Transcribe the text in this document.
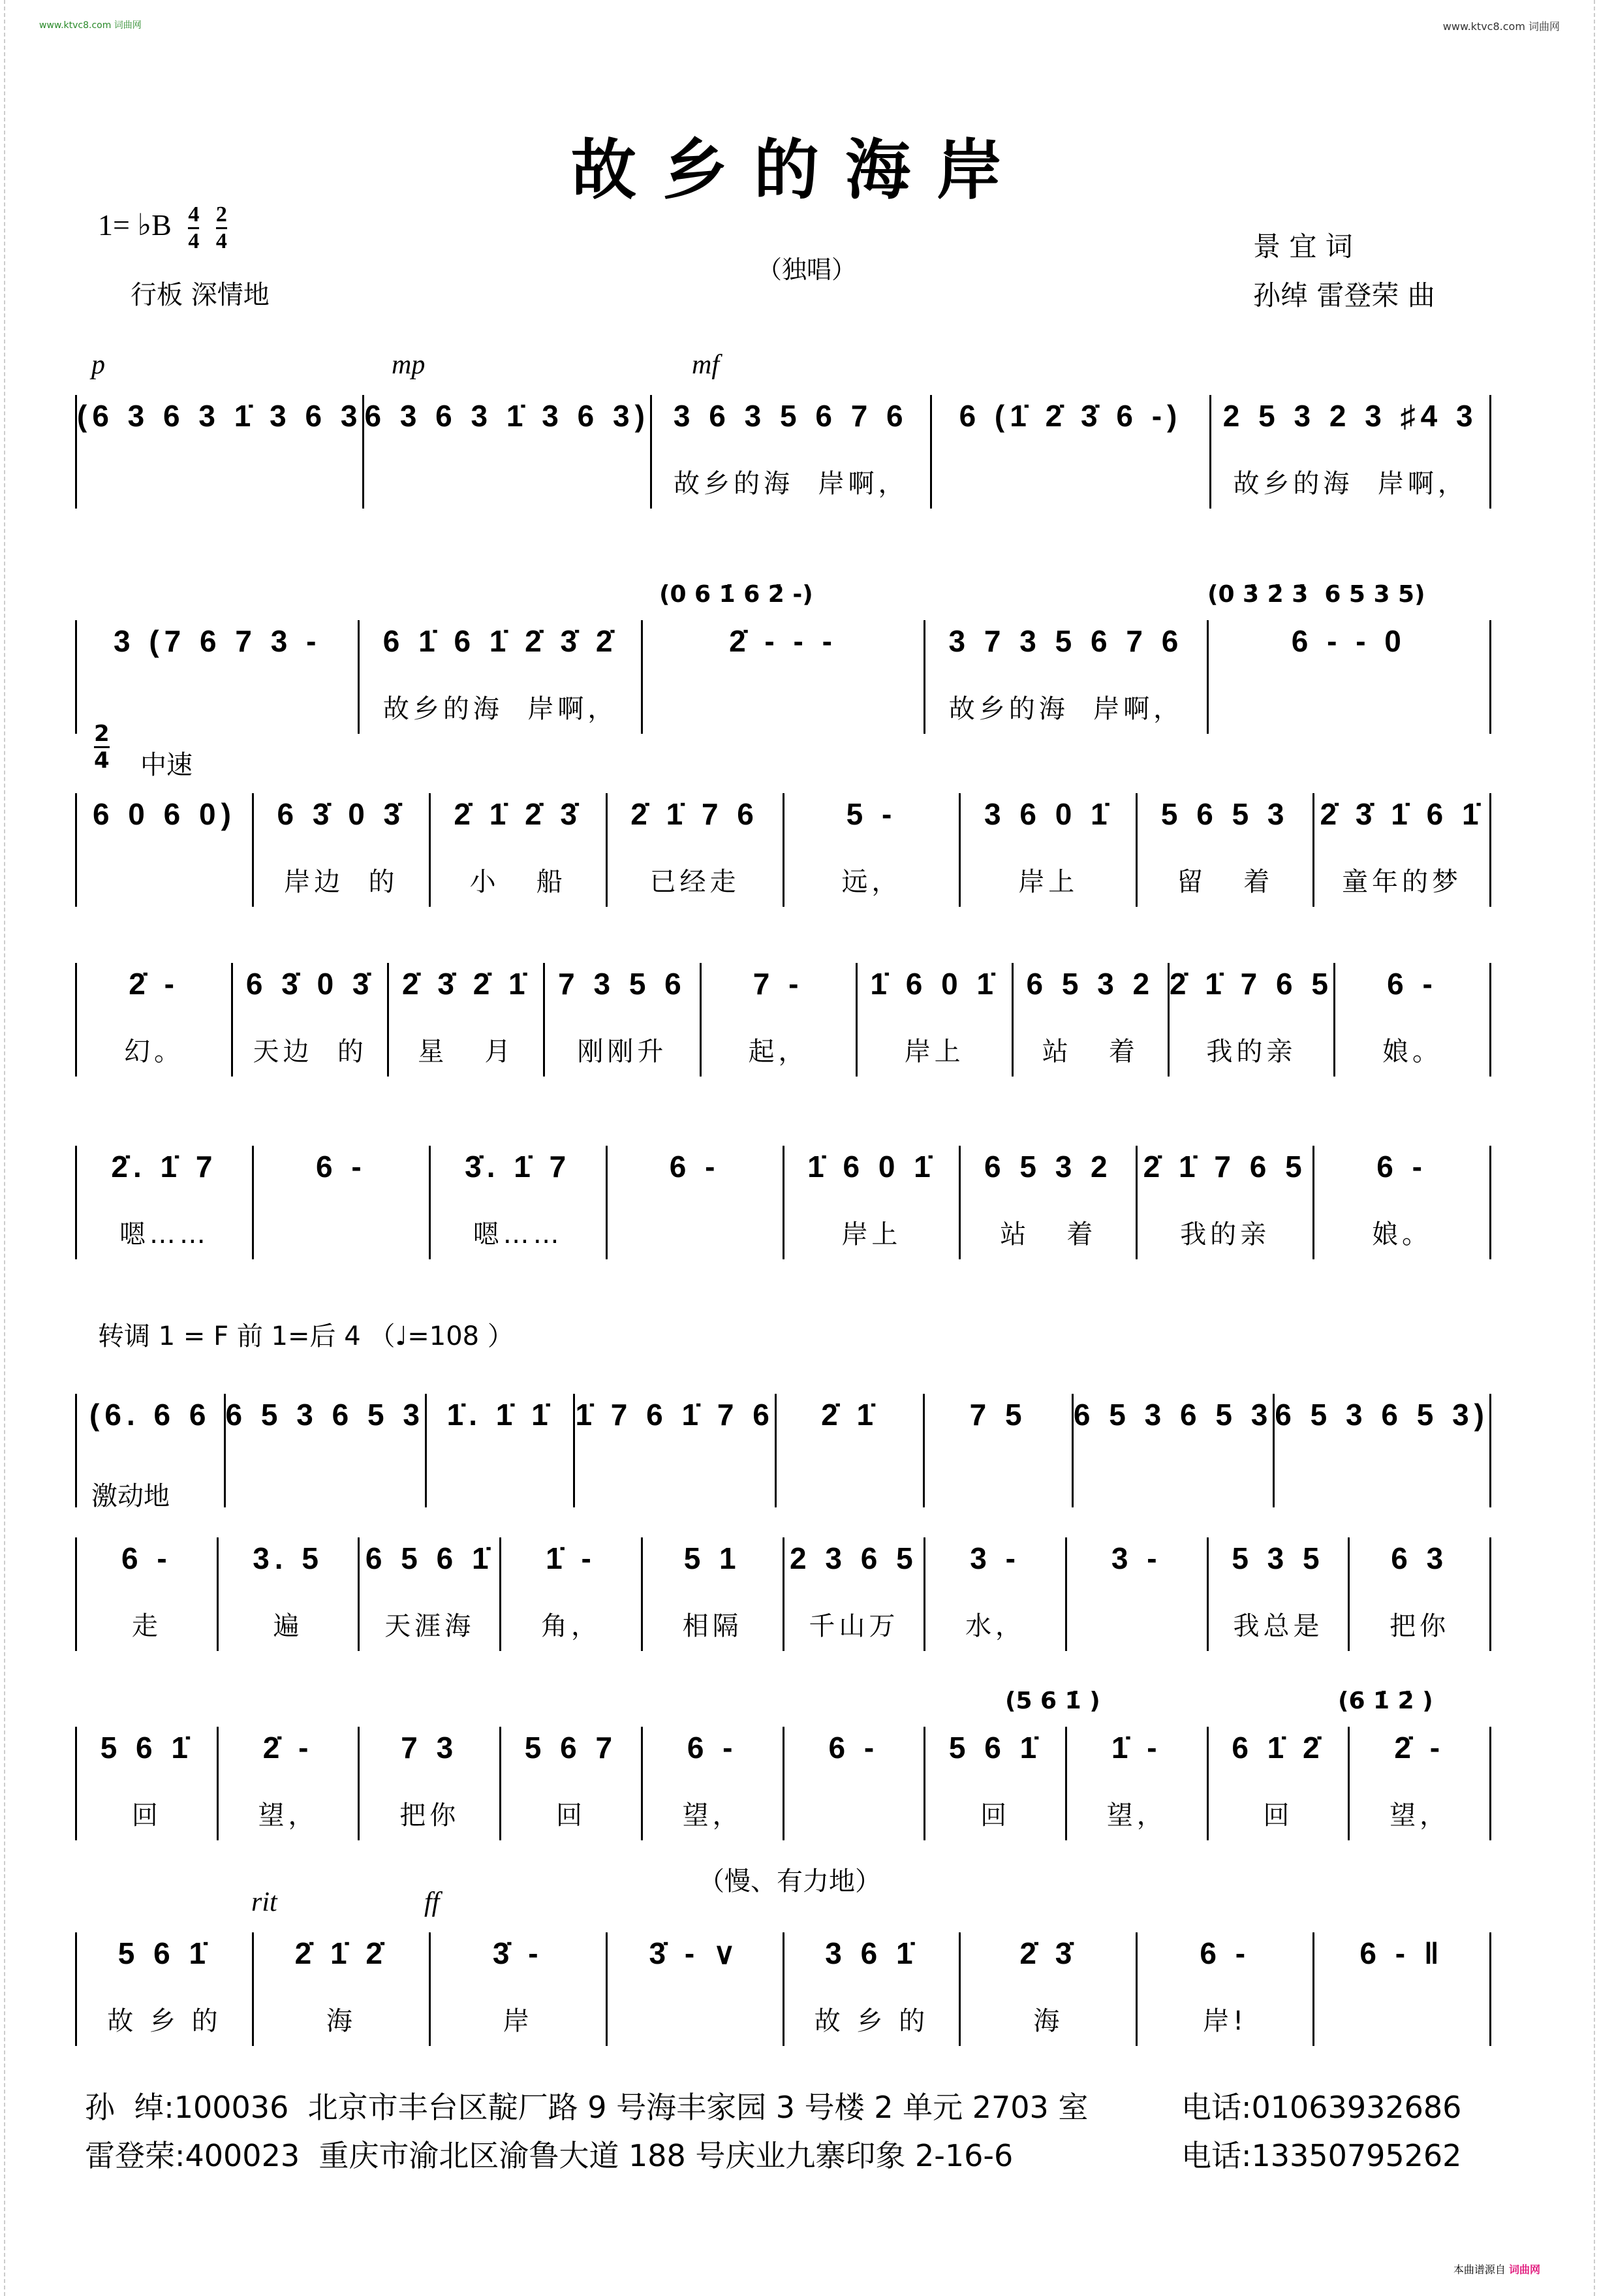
www.ktvc8.com 词曲网	www.ktvc8.com 词曲网
故乡的海岸
1= ♭B $\frac{4}{4}$
$\frac{2}{4}$
行板 深情地
（独唱）
景 宜 词
孙绰 雷登荣 曲
(6 3 6 3 1̇ 3 6 3 6 3 6 3 1̇ 3 6 3) 3 6 3 5 6 7 6
故乡的海  岸啊，
6 (1̇ 2̇ 3̇ 6 -)	2 5 3 2 3 ♯4 3
故乡的海  岸啊，
p	mp	mf
3 (7 6 7 3 -	6 1̇ 6 1̇ 2̇ 3̇ 2̇
故乡的海  岸啊，
2̇ - - -	3 7 3 5 6 7 6
故乡的海  岸啊，
6 - - 0
(0 6 1̇ 6 2̇ -)	(0 3̇ 2̇ 3̇  6 5 3 5)
6 0 6 0)	6 3̇ 0 3̇
岸边  的
2̇ 1̇ 2̇ 3̇
小   船
2̇ 1̇ 7 6
已经走
5 -
远，
3 6 0 1̇
岸上
5 6 5 3
留   着
2̇ 3̇ 1̇ 6 1̇
童年的梦
中速
2
4
2̇ -
幻。
6 3̇ 0 3̇
天边  的
2̇ 3̇ 2̇ 1̇
星   月
7 3 5 6
刚刚升
7 -
起，
1̇ 6 0 1̇
岸上
6 5 3 2
站   着
2̇ 1̇ 7 6 5
我的亲
6 -
娘。
2̇. 1̇ 7
嗯……
6 -	3̇. 1̇ 7
嗯……
6 -	1̇ 6 0 1̇
岸上
6 5 3 2
站   着
2̇ 1̇ 7 6 5
我的亲
6 -
娘。
(6. 6 6 6 5 3 6 5 3 1̇. 1̇ 1̇ 1̇ 7 6 1̇ 7 6	2̇ 1̇	7 5	6 5 3 6 5 3 6 5 3 6 5 3)
转调 1 = F 前 1=后 4 （♩=108 ）
6 -
走
3. 5
遍
6 5 6 1̇
天涯海
1̇ -
角，
5 1
相隔
2 3 6 5
千山万
3 -
水，
3 -	5 3 5
我总是
6 3
把你
激动地
5 6 1̇
回
2̇ -
望，
7 3
把你
5 6 7
回
6 -
望，
6 -	5 6 1̇
回
1̇ -
望，
6 1̇ 2̇
回
2̇ -
望，
(5 6 1̇ )	(6 1̇ 2̇ )
5 6 1̇
故 乡 的
2̇ 1̇ 2̇
海
3̇ -
岸
3̇ - ∨	3 6 1̇
故 乡 的
2̇ 3̇
海
6 -
岸!
6 - ‖
rit	ff
（慢、有力地）
孙  绰:100036  北京市丰台区靛厂路 9 号海丰家园 3 号楼 2 单元 2703 室	电话:01063932686
雷登荣:400023  重庆市渝北区渝鲁大道 188 号庆业九寨印象 2-16-6	电话:13350795262
本曲谱源自 词曲网
